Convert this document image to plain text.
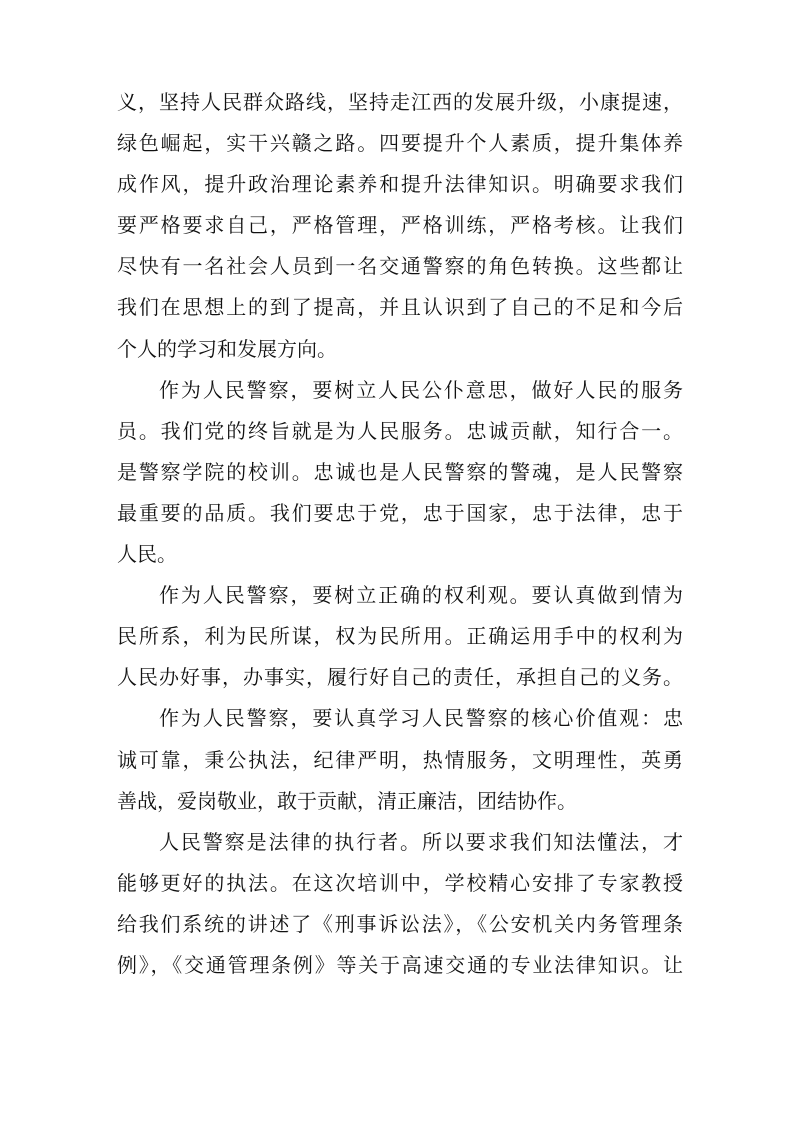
义，坚持人民群众路线，坚持走江西的发展升级，小康提速，
绿色崛起，实干兴赣之路。四要提升个人素质，提升集体养
成作风，提升政治理论素养和提升法律知识。明确要求我们
要严格要求自己，严格管理，严格训练，严格考核。让我们
尽快有一名社会人员到一名交通警察的角色转换。这些都让
我们在思想上的到了提高，并且认识到了自己的不足和今后
个人的学习和发展方向。
作为人民警察，要树立人民公仆意思，做好人民的服务
员。我们党的终旨就是为人民服务。忠诚贡献，知行合一。
是警察学院的校训。忠诚也是人民警察的警魂，是人民警察
最重要的品质。我们要忠于党，忠于国家，忠于法律，忠于
人民。
作为人民警察，要树立正确的权利观。要认真做到情为
民所系，利为民所谋，权为民所用。正确运用手中的权利为
人民办好事，办事实，履行好自己的责任，承担自己的义务。
作为人民警察，要认真学习人民警察的核心价值观：忠
诚可靠，秉公执法，纪律严明，热情服务，文明理性，英勇
善战，爱岗敬业，敢于贡献，清正廉洁，团结协作。
人民警察是法律的执行者。所以要求我们知法懂法，才
能够更好的执法。在这次培训中，学校精心安排了专家教授
给我们系统的讲述了《刑事诉讼法》，《公安机关内务管理条
例》，《交通管理条例》等关于高速交通的专业法律知识。让
